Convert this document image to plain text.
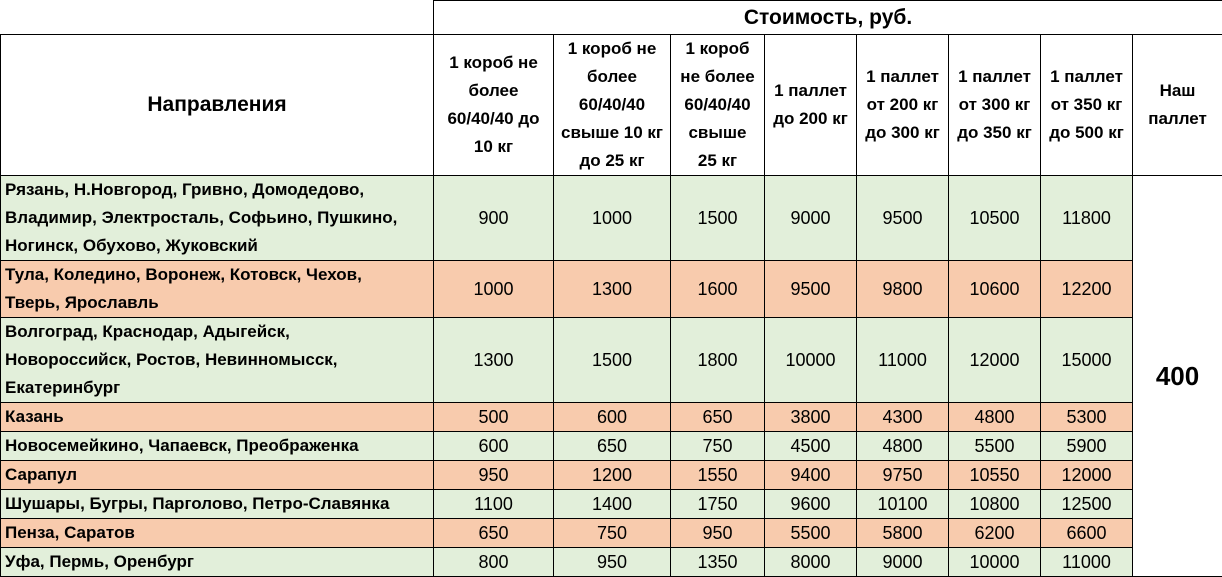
	Стоимость, руб.							
Направления	1 короб не
более
60/40/40 до
10 кг	1 короб не
более
60/40/40
свыше 10 кг
до 25 кг	1 короб
не более
60/40/40
свыше
25 кг	1 паллет
до 200 кг	1 паллет
от 200 кг
до 300 кг	1 паллет
от 300 кг
до 350 кг	1 паллет
от 350 кг
до 500 кг	Наш
паллет

Рязань, Н.Новгород, Гривно, Домодедово,
Владимир, Электросталь, Софьино, Пушкино,
Ногинск, Обухово, Жуковский	900	1000	1500	9000	9500	10500	11800	400

Тула, Коледино, Воронеж, Котовск, Чехов,
Тверь, Ярославль	1000	1300	1600	9500	9800	10600	12200	

Волгоград, Краснодар, Адыгейск,
Новороссийск, Ростов, Невинномысск,
Екатеринбург	1300	1500	1800	10000	11000	12000	15000	

Казань	500	600	650	3800	4300	4800	5300	

Новосемейкино, Чапаевск, Преображенка	600	650	750	4500	4800	5500	5900	

Сарапул	950	1200	1550	9400	9750	10550	12000	

Шушары, Бугры, Парголово, Петро-Славянка	1100	1400	1750	9600	10100	10800	12500	

Пенза, Саратов	650	750	950	5500	5800	6200	6600	

Уфа, Пермь, Оренбург	800	950	1350	8000	9000	10000	11000	
